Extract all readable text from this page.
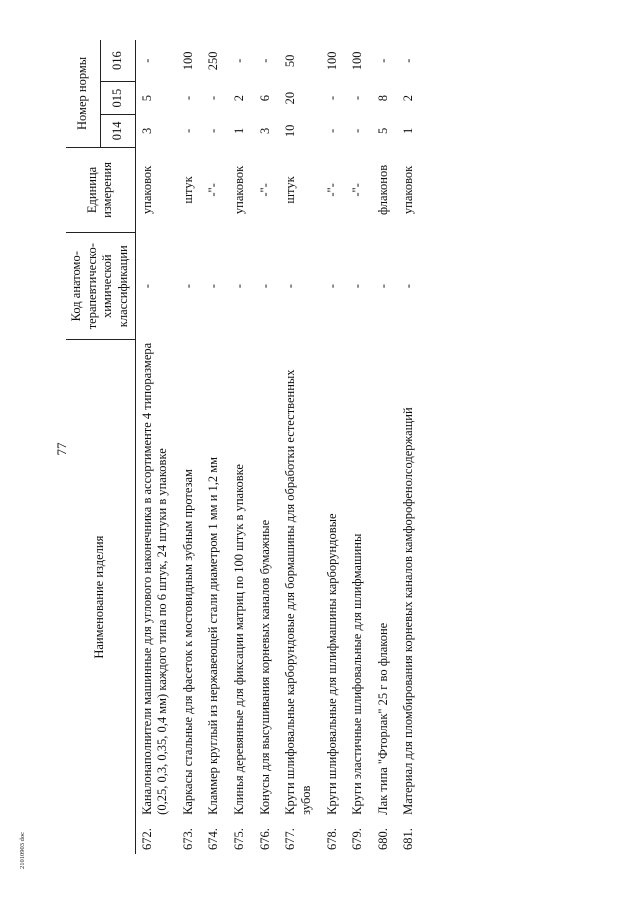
77
21010903 doc
Наименование изделия		Код анатомо-терапевтическо-химической классификации	Единица измерения	Номер нормы		
				014	015	016
672.	Каналонаполнители машинные для углового наконечника в ассортименте 4 типоразмера (0,25, 0,3, 0,35, 0,4 мм) каждого типа по 6 штук, 24 штуки в упаковке	-	упаковок	3	5	-
673.	Каркасы стальные для фасеток к мостовидным зубным протезам	-	штук	-	-	100
674.	Кламмер круглый из нержавеющей стали диаметром 1 мм и 1,2 мм	-	-"-	-	-	250
675.	Клинья деревянные для фиксации матриц по 100 штук в упаковке	-	упаковок	1	2	-
676.	Конусы для высушивания корневых каналов бумажные	-	-"-	3	6	-
677.	Круги шлифовальные карборундовые для бормашины для обработки естественных зубов	-	штук	10	20	50
678.	Круги шлифовальные для шлифмашины карборундовые	-	-"-	-	-	100
679.	Круги эластичные шлифовальные для шлифмашины	-	-"-	-	-	100
680.	Лак типа "Фторлак" 25 г во флаконе	-	флаконов	5	8	-
681.	Материал для пломбирования корневых каналов камфорофенолсодержащий	-	упаковок	1	2	-
